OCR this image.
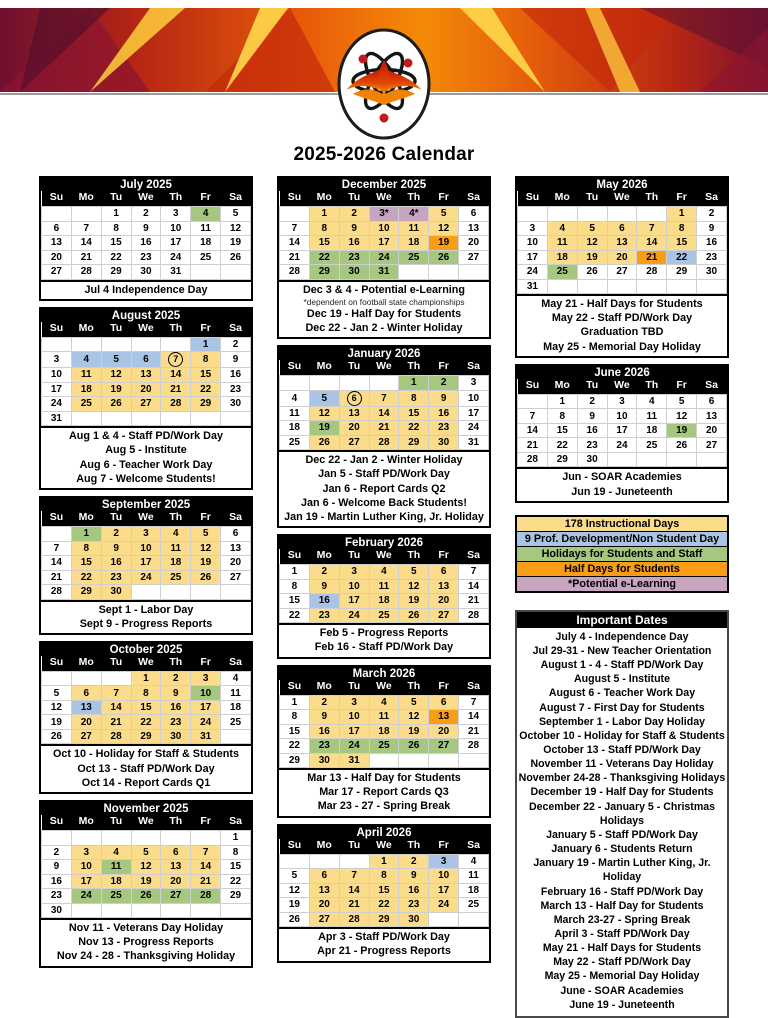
2025-2026 Calendar
July 2025
Su	Mo	Tu	We	Th	Fr	Sa
		1	2	3	4	5
6	7	8	9	10	11	12
13	14	15	16	17	18	19
20	21	22	23	24	25	26
27	28	29	30	31		
Jul 4 Independence Day
August 2025
Su	Mo	Tu	We	Th	Fr	Sa
					1	2
3	4	5	6	7	8	9
10	11	12	13	14	15	16
17	18	19	20	21	22	23
24	25	26	27	28	29	30
31						
Aug 1 & 4 - Staff PD/Work Day
Aug 5 - Institute
Aug 6 - Teacher Work Day
Aug 7 - Welcome Students!
September 2025
Su	Mo	Tu	We	Th	Fr	Sa
	1	2	3	4	5	6
7	8	9	10	11	12	13
14	15	16	17	18	19	20
21	22	23	24	25	26	27
28	29	30				
Sept 1 - Labor Day
Sept 9 - Progress Reports
October 2025
Su	Mo	Tu	We	Th	Fr	Sa
			1	2	3	4
5	6	7	8	9	10	11
12	13	14	15	16	17	18
19	20	21	22	23	24	25
26	27	28	29	30	31	
Oct 10 - Holiday for Staff & Students
Oct 13 - Staff PD/Work Day
Oct 14 - Report Cards Q1
November 2025
Su	Mo	Tu	We	Th	Fr	Sa
						1
2	3	4	5	6	7	8
9	10	11	12	13	14	15
16	17	18	19	20	21	22
23	24	25	26	27	28	29
30						
Nov 11 - Veterans Day Holiday
Nov 13 - Progress Reports
Nov 24 - 28 - Thanksgiving Holiday
December 2025
Su	Mo	Tu	We	Th	Fr	Sa
	1	2	3*	4*	5	6
7	8	9	10	11	12	13
14	15	16	17	18	19	20
21	22	23	24	25	26	27
28	29	30	31			
Dec 3 & 4 - Potential e-Learning
*dependent on football state championships
Dec 19 - Half Day for Students
Dec 22 - Jan 2 - Winter Holiday
January 2026
Su	Mo	Tu	We	Th	Fr	Sa
				1	2	3
4	5	6	7	8	9	10
11	12	13	14	15	16	17
18	19	20	21	22	23	24
25	26	27	28	29	30	31
Dec 22 - Jan 2 - Winter Holiday
Jan 5 - Staff PD/Work Day
Jan 6 - Report Cards Q2
Jan 6 - Welcome Back Students!
Jan 19 - Martin Luther King, Jr. Holiday
February 2026
Su	Mo	Tu	We	Th	Fr	Sa
1	2	3	4	5	6	7
8	9	10	11	12	13	14
15	16	17	18	19	20	21
22	23	24	25	26	27	28
Feb 5 - Progress Reports
Feb 16 - Staff PD/Work Day
March 2026
Su	Mo	Tu	We	Th	Fr	Sa
1	2	3	4	5	6	7
8	9	10	11	12	13	14
15	16	17	18	19	20	21
22	23	24	25	26	27	28
29	30	31				
Mar 13 - Half Day for Students
Mar 17 - Report Cards Q3
Mar 23 - 27 - Spring Break
April 2026
Su	Mo	Tu	We	Th	Fr	Sa
			1	2	3	4
5	6	7	8	9	10	11
12	13	14	15	16	17	18
19	20	21	22	23	24	25
26	27	28	29	30		
Apr 3 - Staff PD/Work Day
Apr 21 - Progress Reports
May 2026
Su	Mo	Tu	We	Th	Fr	Sa
					1	2
3	4	5	6	7	8	9
10	11	12	13	14	15	16
17	18	19	20	21	22	23
24	25	26	27	28	29	30
31						
May 21 - Half Days for Students
May 22 - Staff PD/Work Day
Graduation TBD
May 25 - Memorial Day Holiday
June 2026
Su	Mo	Tu	We	Th	Fr	Sa
	1	2	3	4	5	6
7	8	9	10	11	12	13
14	15	16	17	18	19	20
21	22	23	24	25	26	27
28	29	30				
Jun - SOAR Academies
Jun 19 - Juneteenth
178 Instructional Days
9 Prof. Development/Non Student Day
Holidays for Students and Staff
Half Days for Students
*Potential e-Learning
Important Dates
July 4 - Independence Day
Jul 29-31 - New Teacher Orientation
August 1 - 4 - Staff PD/Work Day
August 5 - Institute
August 6 - Teacher Work Day
August 7 - First Day for Students
September 1 - Labor Day Holiday
October 10 - Holiday for Staff & Students
October 13 - Staff PD/Work Day
November 11 - Veterans Day Holiday
November 24-28 - Thanksgiving Holidays
December 19 - Half Day for Students
December 22 - January 5 - Christmas Holidays
January 5 - Staff PD/Work Day
January 6 - Students Return
January 19 - Martin Luther King, Jr. Holiday
February 16 - Staff PD/Work Day
March 13 - Half Day for Students
March 23-27 - Spring Break
April 3 - Staff PD/Work Day
May 21 - Half Days for Students
May 22 - Staff PD/Work Day
May 25 - Memorial Day Holiday
June - SOAR Academies
June 19 - Juneteenth
